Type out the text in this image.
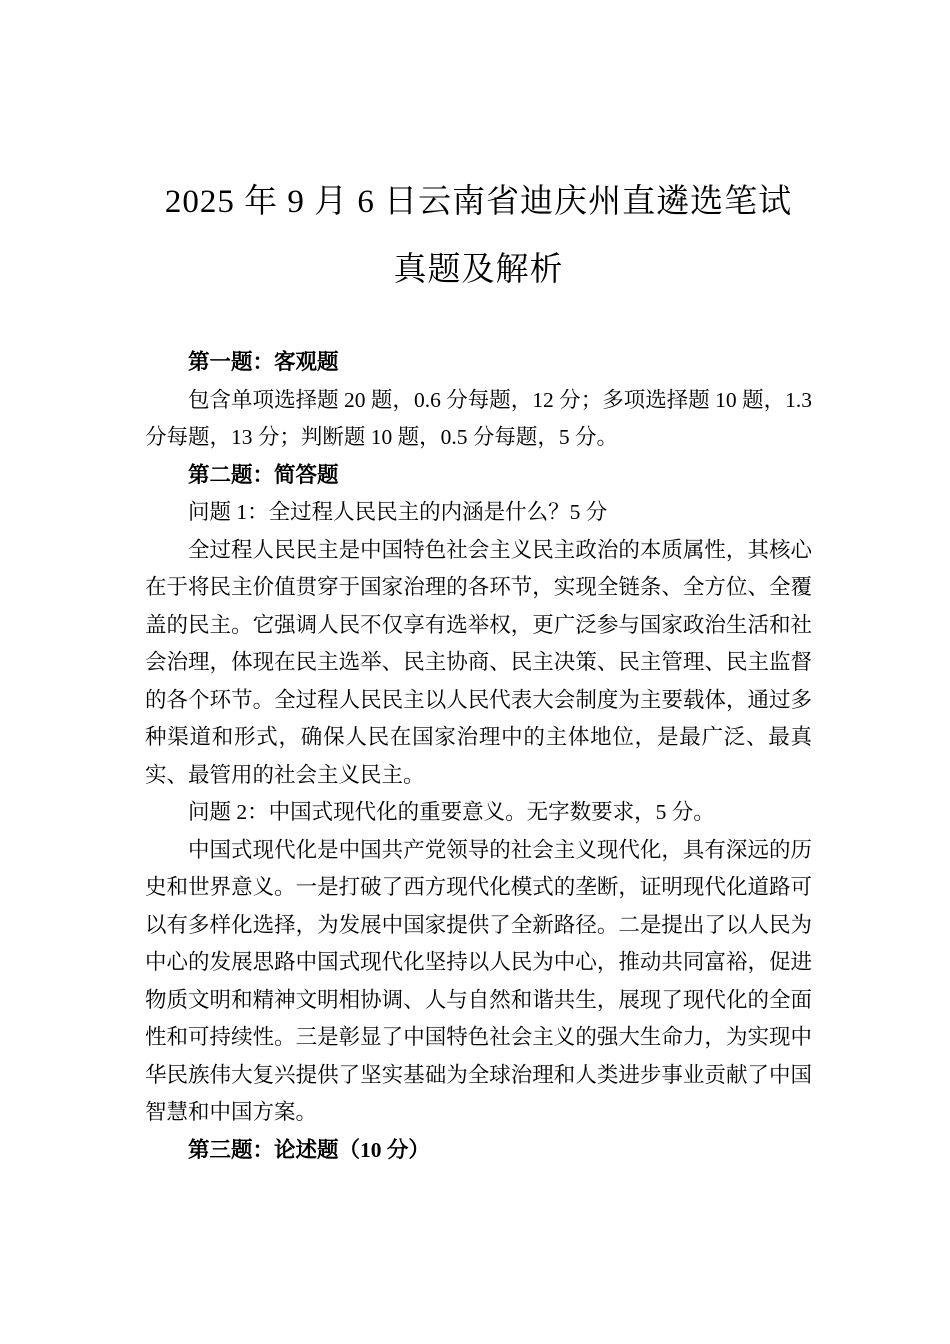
2025 年 9 月 6 日云南省迪庆州直遴选笔试
真题及解析

第一题：客观题

包含单项选择题 20 题，0.6 分每题，12 分；多项选择题 10 题，1.3 分每题，13 分；判断题 10 题，0.5 分每题，5 分。

第二题：简答题

问题 1：全过程人民民主的内涵是什么？5 分

全过程人民民主是中国特色社会主义民主政治的本质属性，其核心在于将民主价值贯穿于国家治理的各环节，实现全链条、全方位、全覆盖的民主。它强调人民不仅享有选举权，更广泛参与国家政治生活和社会治理，体现在民主选举、民主协商、民主决策、民主管理、民主监督的各个环节。全过程人民民主以人民代表大会制度为主要载体，通过多种渠道和形式，确保人民在国家治理中的主体地位，是最广泛、最真实、最管用的社会主义民主。

问题 2：中国式现代化的重要意义。无字数要求，5 分。

中国式现代化是中国共产党领导的社会主义现代化，具有深远的历史和世界意义。一是打破了西方现代化模式的垄断，证明现代化道路可以有多样化选择，为发展中国家提供了全新路径。二是提出了以人民为中心的发展思路中国式现代化坚持以人民为中心，推动共同富裕，促进物质文明和精神文明相协调、人与自然和谐共生，展现了现代化的全面性和可持续性。三是彰显了中国特色社会主义的强大生命力，为实现中华民族伟大复兴提供了坚实基础为全球治理和人类进步事业贡献了中国智慧和中国方案。

第三题：论述题（10 分）
